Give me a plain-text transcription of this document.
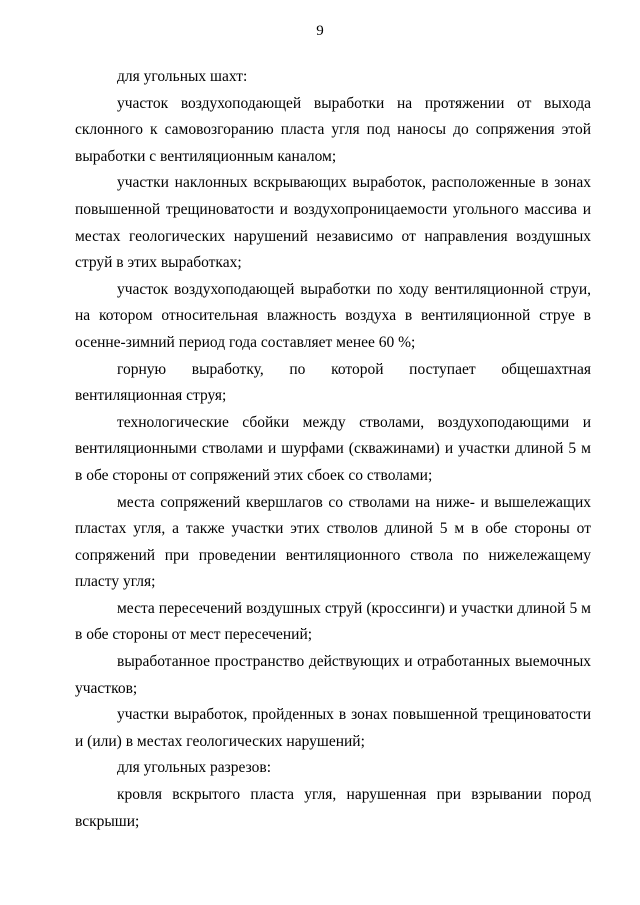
9

для угольных шахт:

участок воздухоподающей выработки на протяжении от выхода склонного к самовозгоранию пласта угля под наносы до сопряжения этой выработки с вентиляционным каналом;

участки наклонных вскрывающих выработок, расположенные в зонах повышенной трещиноватости и воздухопроницаемости угольного массива и местах геологических нарушений независимо от направления воздушных струй в этих выработках;

участок воздухоподающей выработки по ходу вентиляционной струи, на котором относительная влажность воздуха в вентиляционной струе в осенне-зимний период года составляет менее 60 %;

горную выработку, по которой поступает общешахтная вентиляционная струя;

технологические сбойки между стволами, воздухоподающими и вентиляционными стволами и шурфами (скважинами) и участки длиной 5 м в обе стороны от сопряжений этих сбоек со стволами;

места сопряжений квершлагов со стволами на ниже- и вышележащих пластах угля, а также участки этих стволов длиной 5 м в обе стороны от сопряжений при проведении вентиляционного ствола по нижележащему пласту угля;

места пересечений воздушных струй (кроссинги) и участки длиной 5 м в обе стороны от мест пересечений;

выработанное пространство действующих и отработанных выемочных участков;

участки выработок, пройденных в зонах повышенной трещиноватости и (или) в местах геологических нарушений;

для угольных разрезов:

кровля вскрытого пласта угля, нарушенная при взрывании пород вскрыши;
